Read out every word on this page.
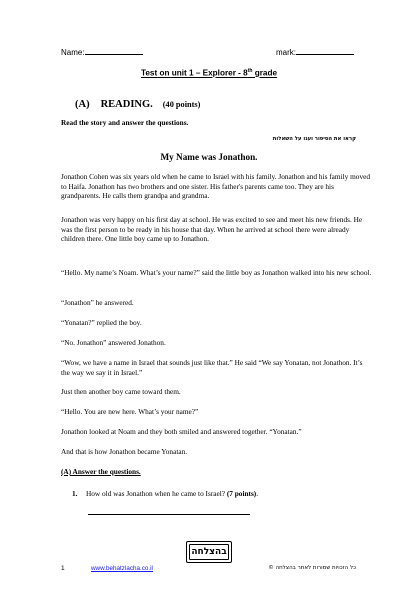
Name:	mark:
Test on unit 1 – Explorer - 8th grade
(A) READING. (40 points)
Read the story and answer the questions.
קראו את הסיפור וענו על השאלות
My Name was Jonathon.

Jonathon Cohen was six years old when he came to Israel with his family. Jonathon and his family moved to Haifa. Jonathon has two brothers and one sister. His father's parents came too. They are his grandparents. He calls them grandpa and grandma.

Jonathon was very happy on his first day at school. He was excited to see and meet his new friends. He was the first person to be ready in his house that day. When he arrived at school there were already children there. One little boy came up to Jonathon.

“Hello. My name’s Noam. What’s your name?” said the little boy as Jonathon walked into his new school.

“Jonathon” he answered.

“Yonatan?” replied the boy.

“No. Jonathon” answered Jonathon.

“Wow, we have a name in Israel that sounds just like that.” He said “We say Yonatan, not Jonathon. It’s the way we say it in Israel.”

Just then another boy came toward them.

“Hello. You are new here. What’s your name?”

Jonathon looked at Noam and they both smiled and answered together. “Yonatan.”

And that is how Jonathon became Yonatan.

(A) Answer the questions.
1. How old was Jonathon when he came to Israel? (7 points).
בהצלחה
1	www.behatzlacha.co.il	כל הזכויות שמורות לאתר בהצלחה ©
